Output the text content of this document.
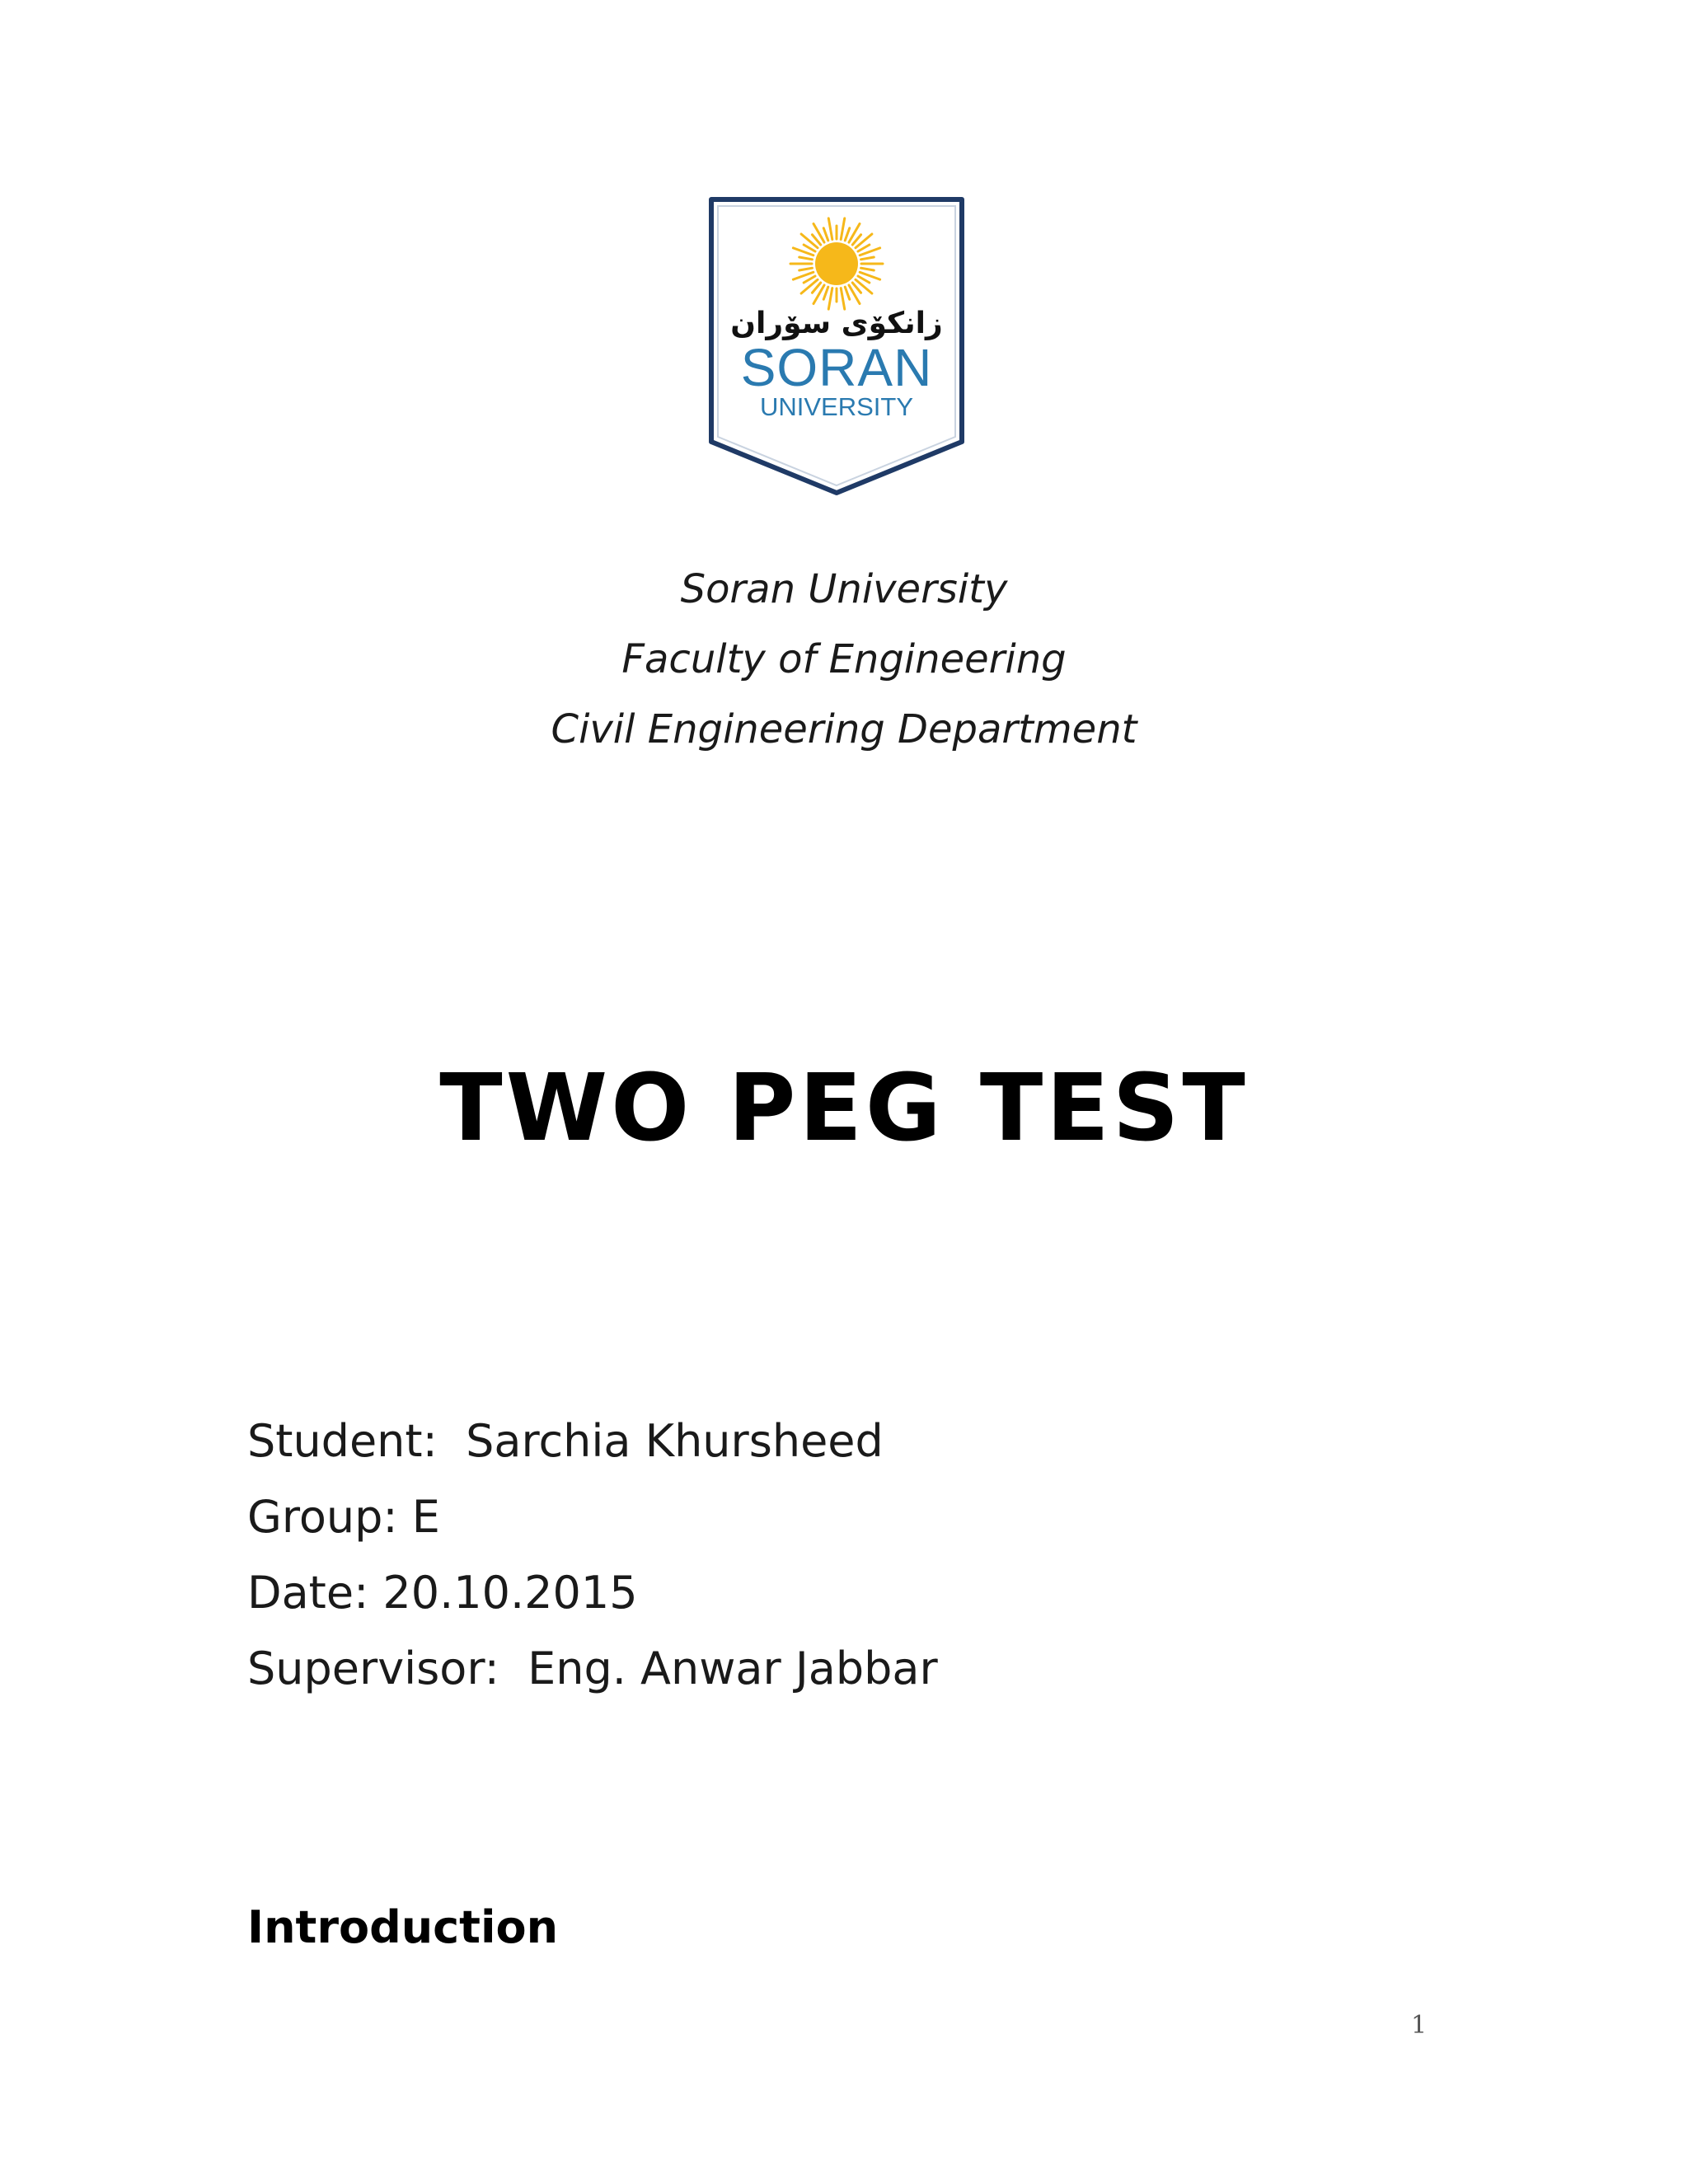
زانكۆی سۆران
SORAN
UNIVERSITY
Soran University
Faculty of Engineering
Civil Engineering Department
TWO PEG TEST
Student:  Sarchia Khursheed
Group: E
Date: 20.10.2015
Supervisor:  Eng. Anwar Jabbar
Introduction
1
